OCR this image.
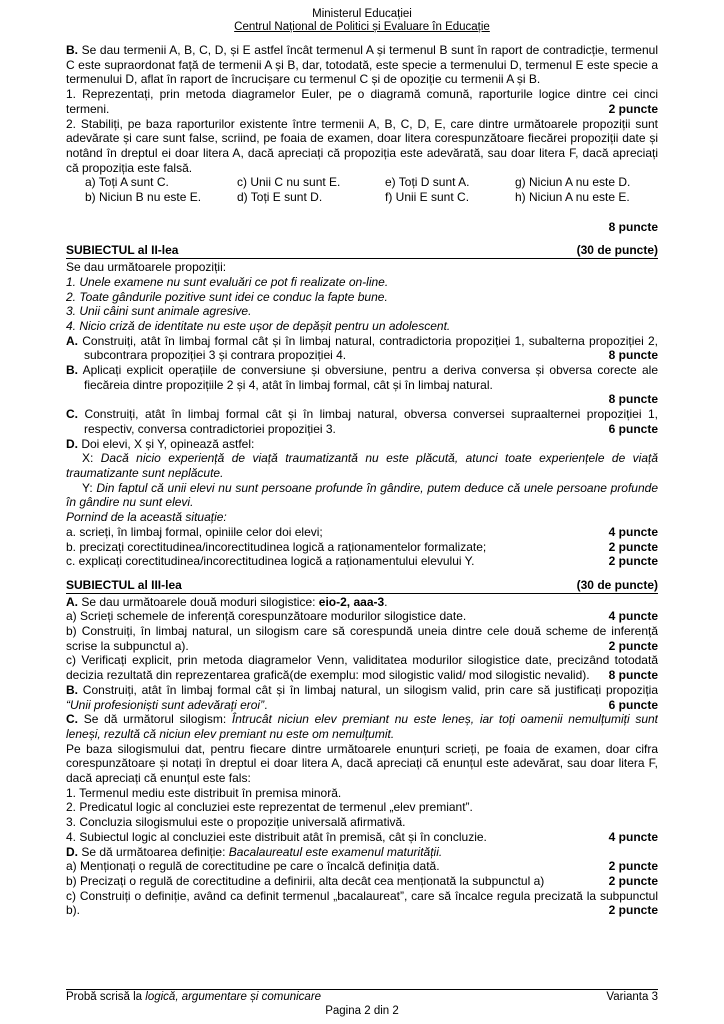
Ministerul Educației
Centrul Național de Politici și Evaluare în Educație
B. Se dau termenii A, B, C, D, și E astfel încât termenul A și termenul B sunt în raport de contradicție, termenul C este supraordonat față de termenii A și B, dar, totodată, este specie a termenului D, termenul E este specie a termenului D, aflat în raport de încrucișare cu termenul C și de opoziție cu termenii A și B.
1. Reprezentați, prin metoda diagramelor Euler, pe o diagramă comună, raporturile logice dintre cei cinci termeni.	2 puncte
2. Stabiliți, pe baza raporturilor existente între termenii A, B, C, D, E, care dintre următoarele propoziții sunt adevărate și care sunt false, scriind, pe foaia de examen, doar litera corespunzătoare fiecărei propoziții date și notând în dreptul ei doar litera A, dacă apreciați că propoziția este adevărată, sau doar litera F, dacă apreciați că propoziția este falsă.
a) Toți A sunt C.	c) Unii C nu sunt E.	e) Toți D sunt A.	g) Niciun A nu este D.
b) Niciun B nu este E.	d) Toți E sunt D.	f) Unii E sunt C.	h) Niciun A nu este E.
8 puncte
SUBIECTUL al II-lea	(30 de puncte)
Se dau următoarele propoziții:
1. Unele examene nu sunt evaluări ce pot fi realizate on-line.
2. Toate gândurile pozitive sunt idei ce conduc la fapte bune.
3. Unii câini sunt animale agresive.
4. Nicio criză de identitate nu este ușor de depășit pentru un adolescent.
A. Construiți, atât în limbaj formal cât și în limbaj natural, contradictoria propoziției 1, subalterna propoziției 2, subcontrara propoziției 3 și contrara propoziției 4.	8 puncte
B. Aplicați explicit operațiile de conversiune și obversiune, pentru a deriva conversa și obversa corecte ale fiecăreia dintre propozițiile 2 și 4, atât în limbaj formal, cât și în limbaj natural.
8 puncte
C. Construiți, atât în limbaj formal cât și în limbaj natural, obversa conversei supraalternei propoziției 1, respectiv, conversa contradictoriei propoziției 3.	6 puncte
D. Doi elevi, X și Y, opinează astfel:
X: Dacă nicio experiență de viață traumatizantă nu este plăcută, atunci toate experiențele de viață traumatizante sunt neplăcute.
Y: Din faptul că unii elevi nu sunt persoane profunde în gândire, putem deduce că unele persoane profunde în gândire nu sunt elevi.
Pornind de la această situație:
a. scrieți, în limbaj formal, opiniile celor doi elevi;	4 puncte
b. precizați corectitudinea/incorectitudinea logică a raționamentelor formalizate;	2 puncte
c. explicați corectitudinea/incorectitudinea logică a raționamentului elevului Y.	2 puncte
SUBIECTUL al III-lea	(30 de puncte)
A. Se dau următoarele două moduri silogistice: eio-2, aaa-3.
a) Scrieți schemele de inferență corespunzătoare modurilor silogistice date.	4 puncte
b) Construiți, în limbaj natural, un silogism care să corespundă uneia dintre cele două scheme de inferență scrise la subpunctul a).	2 puncte
c) Verificați explicit, prin metoda diagramelor Venn, validitatea modurilor silogistice date, precizând totodată decizia rezultată din reprezentarea grafică(de exemplu: mod silogistic valid/ mod silogistic nevalid). 8 puncte
B. Construiți, atât în limbaj formal cât și în limbaj natural, un silogism valid, prin care să justificați propoziția “Unii profesioniști sunt adevărați eroi”.	6 puncte
C. Se dă următorul silogism: Întrucât niciun elev premiant nu este leneș, iar toți oamenii nemulțumiți sunt leneși, rezultă că niciun elev premiant nu este om nemulțumit.
Pe baza silogismului dat, pentru fiecare dintre următoarele enunțuri scrieți, pe foaia de examen, doar cifra corespunzătoare și notați în dreptul ei doar litera A, dacă apreciați că enunțul este adevărat, sau doar litera F, dacă apreciați că enunțul este fals:
1. Termenul mediu este distribuit în premisa minoră.
2. Predicatul logic al concluziei este reprezentat de termenul „elev premiant”.
3. Concluzia silogismului este o propoziție universală afirmativă.
4. Subiectul logic al concluziei este distribuit atât în premisă, cât și în concluzie.	4 puncte
D. Se dă următoarea definiție: Bacalaureatul este examenul maturității.
a) Menționați o regulă de corectitudine pe care o încalcă definiția dată.	2 puncte
b) Precizați o regulă de corectitudine a definirii, alta decât cea menționată la subpunctul a)	2 puncte
c) Construiți o definiție, având ca definit termenul „bacalaureat”, care să încalce regula precizată la subpunctul b).	2 puncte
Probă scrisă la logică, argumentare și comunicare	Varianta 3
Pagina 2 din 2
